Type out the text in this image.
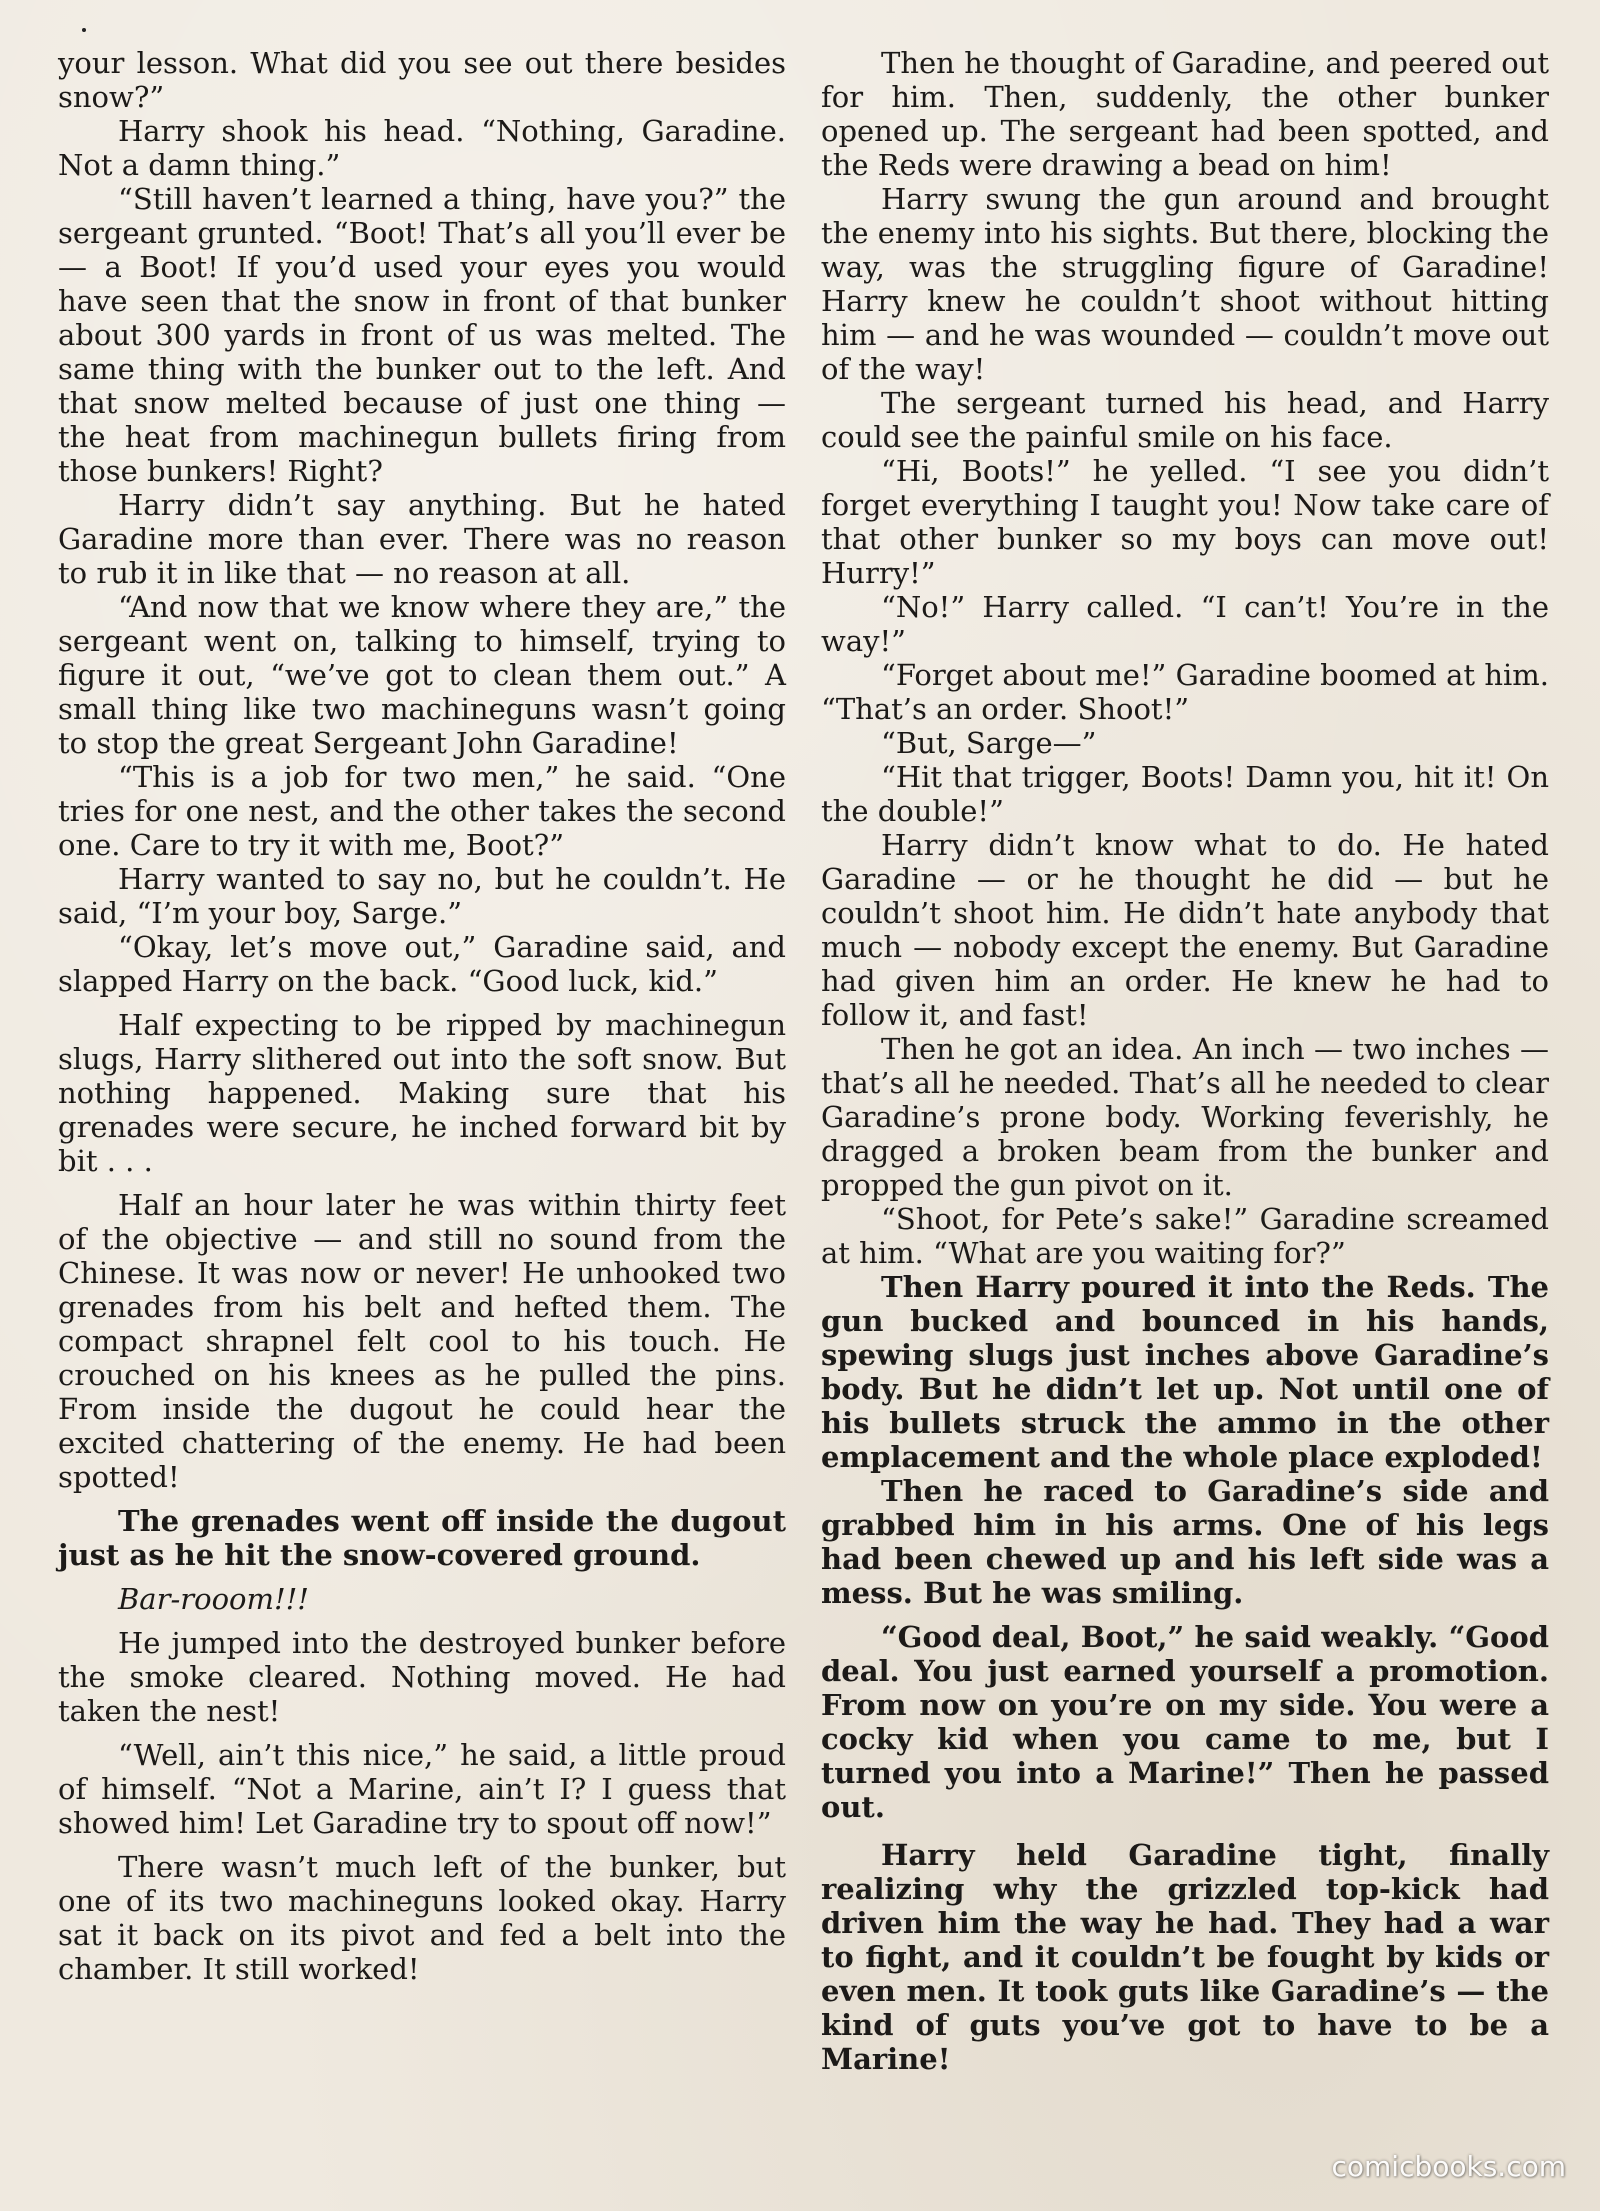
your lesson. What did you see out there besides snow?”

Harry shook his head. “Nothing, Garadine. Not a damn thing.”

“Still haven’t learned a thing, have you?” the sergeant grunted. “Boot! That’s all you’ll ever be — a Boot! If you’d used your eyes you would have seen that the snow in front of that bunker about 300 yards in front of us was melted. The same thing with the bunker out to the left. And that snow melted because of just one thing — the heat from machinegun bullets firing from those bunkers! Right?

Harry didn’t say anything. But he hated Garadine more than ever. There was no reason to rub it in like that — no reason at all.

“And now that we know where they are,” the sergeant went on, talking to himself, trying to figure it out, “we’ve got to clean them out.” A small thing like two machineguns wasn’t going to stop the great Sergeant John Garadine!

“This is a job for two men,” he said. “One tries for one nest, and the other takes the second one. Care to try it with me, Boot?”

Harry wanted to say no, but he couldn’t. He said, “I’m your boy, Sarge.”

“Okay, let’s move out,” Garadine said, and slapped Harry on the back. “Good luck, kid.”

Half expecting to be ripped by machinegun slugs, Harry slithered out into the soft snow. But nothing happened. Making sure that his grenades were secure, he inched forward bit by bit . . .

Half an hour later he was within thirty feet of the objective — and still no sound from the Chinese. It was now or never! He unhooked two grenades from his belt and hefted them. The compact shrapnel felt cool to his touch. He crouched on his knees as he pulled the pins. From inside the dugout he could hear the excited chattering of the enemy. He had been spotted!

The grenades went off inside the dugout just as he hit the snow-covered ground.

Bar-rooom!!!

He jumped into the destroyed bunker before the smoke cleared. Nothing moved. He had taken the nest!

“Well, ain’t this nice,” he said, a little proud of himself. “Not a Marine, ain’t I? I guess that showed him! Let Garadine try to spout off now!”

There wasn’t much left of the bunker, but one of its two machineguns looked okay. Harry sat it back on its pivot and fed a belt into the chamber. It still worked!

Then he thought of Garadine, and peered out for him. Then, suddenly, the other bunker opened up. The sergeant had been spotted, and the Reds were drawing a bead on him!

Harry swung the gun around and brought the enemy into his sights. But there, blocking the way, was the struggling figure of Garadine! Harry knew he couldn’t shoot without hitting him — and he was wounded — couldn’t move out of the way!

The sergeant turned his head, and Harry could see the painful smile on his face.

“Hi, Boots!” he yelled. “I see you didn’t forget everything I taught you! Now take care of that other bunker so my boys can move out! Hurry!”

“No!” Harry called. “I can’t! You’re in the way!”

“Forget about me!” Garadine boomed at him. “That’s an order. Shoot!”

“But, Sarge—”

“Hit that trigger, Boots! Damn you, hit it! On the double!”

Harry didn’t know what to do. He hated Garadine — or he thought he did — but he couldn’t shoot him. He didn’t hate anybody that much — nobody except the enemy. But Garadine had given him an order. He knew he had to follow it, and fast!

Then he got an idea. An inch — two inches — that’s all he needed. That’s all he needed to clear Garadine’s prone body. Working feverishly, he dragged a broken beam from the bunker and propped the gun pivot on it.

“Shoot, for Pete’s sake!” Garadine screamed at him. “What are you waiting for?”

Then Harry poured it into the Reds. The gun bucked and bounced in his hands, spewing slugs just inches above Garadine’s body. But he didn’t let up. Not until one of his bullets struck the ammo in the other emplacement and the whole place exploded!

Then he raced to Garadine’s side and grabbed him in his arms. One of his legs had been chewed up and his left side was a mess. But he was smiling.

“Good deal, Boot,” he said weakly. “Good deal. You just earned yourself a promotion. From now on you’re on my side. You were a cocky kid when you came to me, but I turned you into a Marine!” Then he passed out.

Harry held Garadine tight, finally realizing why the grizzled top-kick had driven him the way he had. They had a war to fight, and it couldn’t be fought by kids or even men. It took guts like Garadine’s — the kind of guts you’ve got to have to be a Marine!

comicbooks.com
